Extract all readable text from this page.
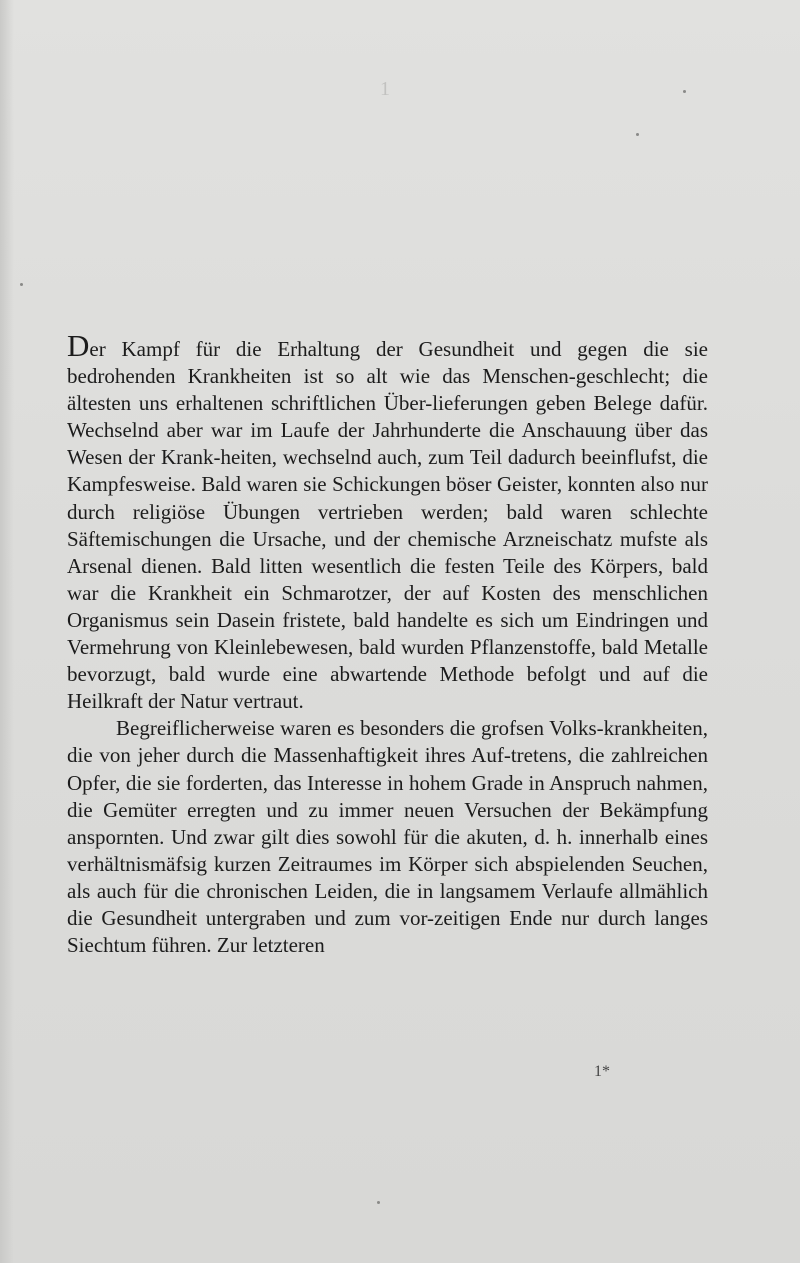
1

Der Kampf für die Erhaltung der Gesundheit und gegen die sie bedrohenden Krankheiten ist so alt wie das Menschen-geschlecht; die ältesten uns erhaltenen schriftlichen Über-lieferungen geben Belege dafür. Wechselnd aber war im Laufe der Jahrhunderte die Anschauung über das Wesen der Krank-heiten, wechselnd auch, zum Teil dadurch beeinflufst, die Kampfesweise. Bald waren sie Schickungen böser Geister, konnten also nur durch religiöse Übungen vertrieben werden; bald waren schlechte Säftemischungen die Ursache, und der chemische Arzneischatz mufste als Arsenal dienen. Bald litten wesentlich die festen Teile des Körpers, bald war die Krankheit ein Schmarotzer, der auf Kosten des menschlichen Organismus sein Dasein fristete, bald handelte es sich um Eindringen und Vermehrung von Kleinlebewesen, bald wurden Pflanzenstoffe, bald Metalle bevorzugt, bald wurde eine abwartende Methode befolgt und auf die Heilkraft der Natur vertraut.

Begreiflicherweise waren es besonders die grofsen Volks-krankheiten, die von jeher durch die Massenhaftigkeit ihres Auf-tretens, die zahlreichen Opfer, die sie forderten, das Interesse in hohem Grade in Anspruch nahmen, die Gemüter erregten und zu immer neuen Versuchen der Bekämpfung anspornten. Und zwar gilt dies sowohl für die akuten, d. h. innerhalb eines verhältnismäfsig kurzen Zeitraumes im Körper sich abspielenden Seuchen, als auch für die chronischen Leiden, die in langsamem Verlaufe allmählich die Gesundheit untergraben und zum vor-zeitigen Ende nur durch langes Siechtum führen. Zur letzteren

1*
